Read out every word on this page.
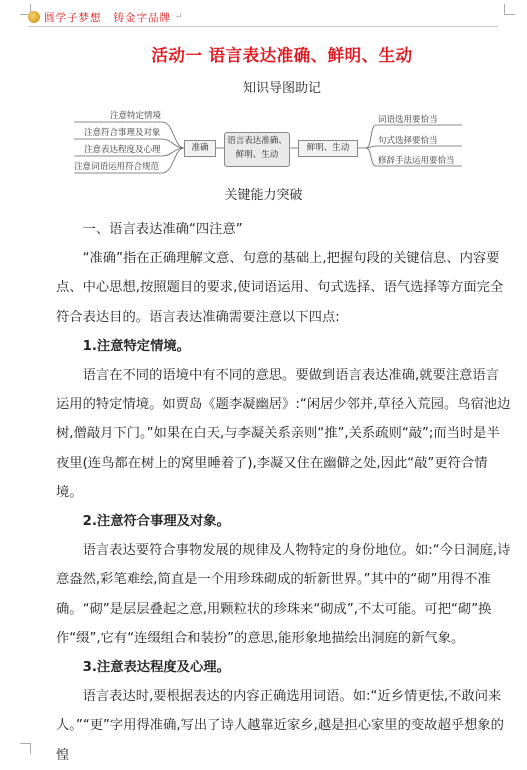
圆学子梦想 铸金字品牌 ↵
活动一 语言表达准确、鲜明、生动
知识导图助记
注意特定情境
注意符合事理及对象
注意表达程度及心理
注意词语运用符合规范
准确
语言表达准确、鲜明、生动
鲜明、生动
词语选用要恰当
句式选择要恰当
修辞手法运用要恰当
关键能力突破

一、语言表达准确“四注意”

“准确”指在正确理解文意、句意的基础上,把握句段的关键信息、内容要点、中心思想,按照题目的要求,使词语运用、句式选择、语气选择等方面完全符合表达目的。语言表达准确需要注意以下四点:

1.注意特定情境。

语言在不同的语境中有不同的意思。要做到语言表达准确,就要注意语言运用的特定情境。如贾岛《题李凝幽居》:“闲居少邻并,草径入荒园。鸟宿池边树,僧敲月下门。”如果在白天,与李凝关系亲则“推”,关系疏则“敲”;而当时是半夜里(连鸟都在树上的窝里睡着了),李凝又住在幽僻之处,因此“敲”更符合情境。

2.注意符合事理及对象。

语言表达要符合事物发展的规律及人物特定的身份地位。如:“今日洞庭,诗意盎然,彩笔难绘,简直是一个用珍珠砌成的斩新世界。”其中的“砌”用得不准确。“砌”是层层叠起之意,用颗粒状的珍珠来“砌成”,不太可能。可把“砌”换作“缀”,它有“连缀组合和装扮”的意思,能形象地描绘出洞庭的新气象。

3.注意表达程度及心理。

语言表达时,要根据表达的内容正确选用词语。如:“近乡情更怯,不敢问来人。”“更”字用得准确,写出了诗人越靠近家乡,越是担心家里的变故超乎想象的惶
